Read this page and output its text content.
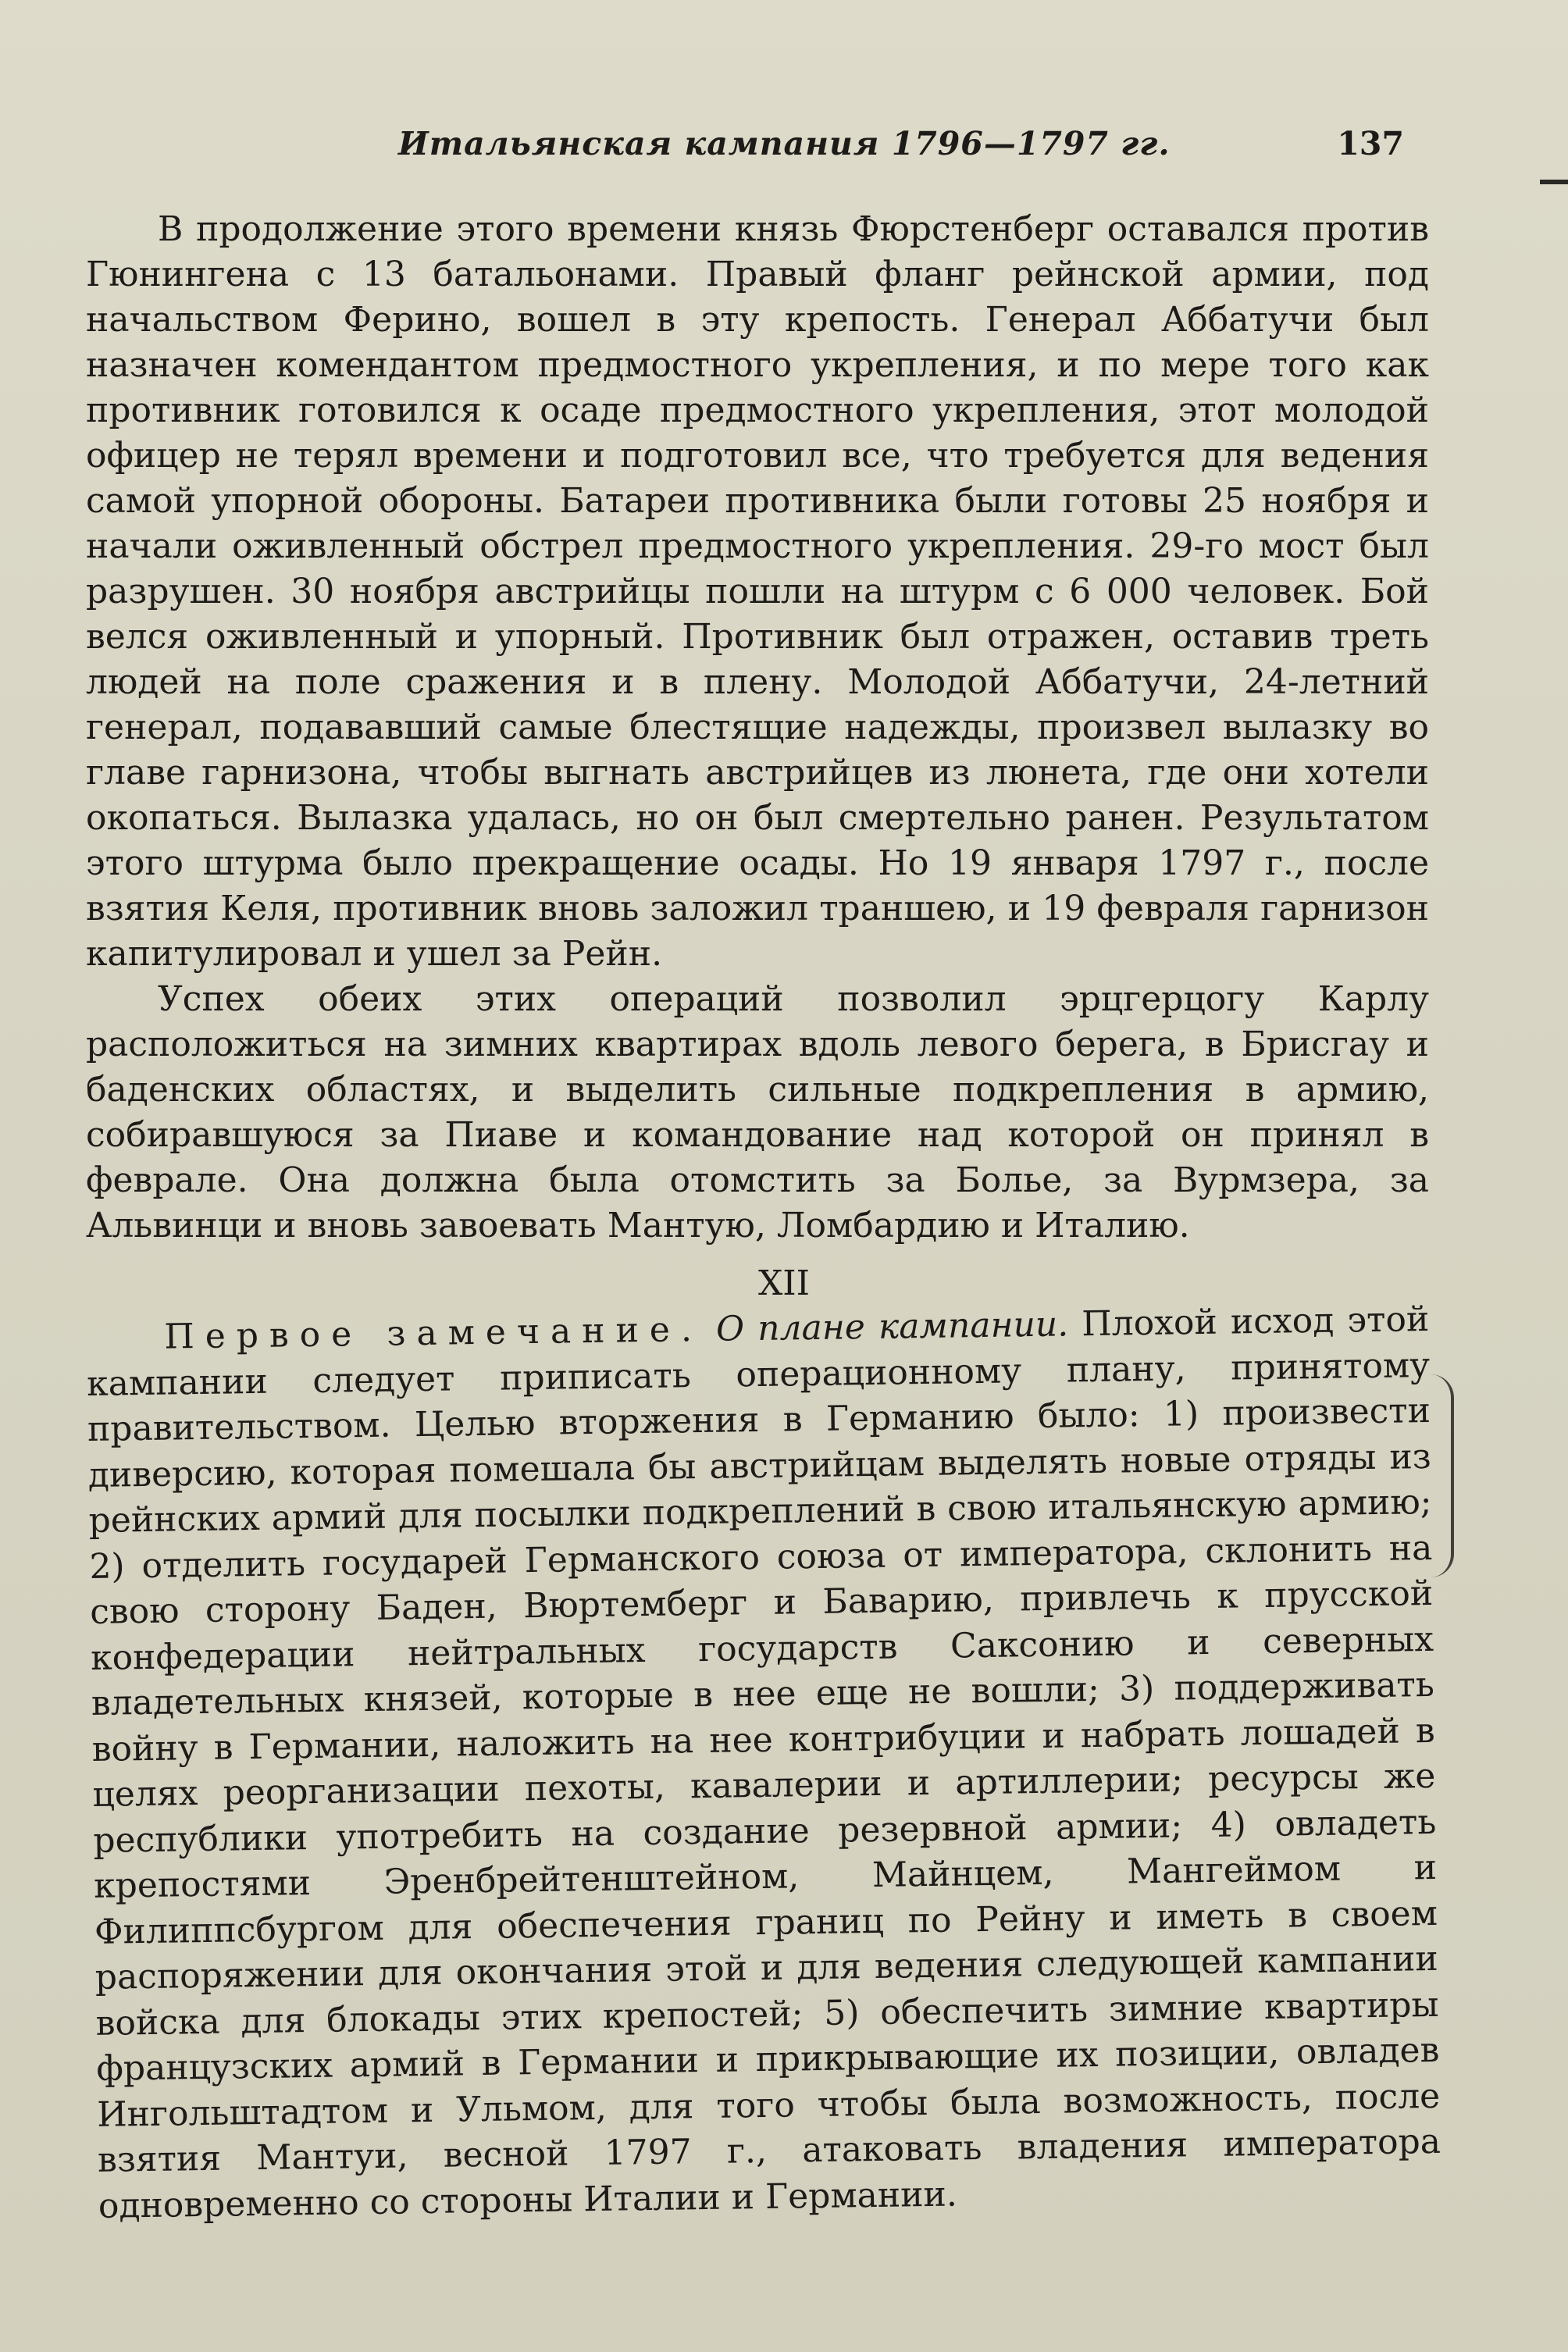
Итальянская кампания 1796—1797 гг.	137

В продолжение этого времени князь Фюрстенберг оставался против Гюнингена с 13 батальонами. Правый фланг рейнской армии, под начальством Ферино, вошел в эту крепость. Генерал Аббатучи был назначен комендантом предмостного укрепления, и по мере того как противник готовился к осаде предмостного укрепления, этот молодой офицер не терял времени и подготовил все, что требуется для ведения самой упорной обороны. Батареи противника были готовы 25 ноября и начали оживленный обстрел предмостного укрепления. 29-го мост был разрушен. 30 ноября австрийцы пошли на штурм с 6 000 человек. Бой велся оживленный и упорный. Противник был отражен, оставив треть людей на поле сражения и в плену. Молодой Аббатучи, 24-летний генерал, подававший самые блестящие надежды, произвел вылазку во главе гарнизона, чтобы выгнать австрийцев из люнета, где они хотели окопаться. Вылазка удалась, но он был смертельно ранен. Результатом этого штурма было прекращение осады. Но 19 января 1797 г., после взятия Келя, противник вновь заложил траншею, и 19 февраля гарнизон капитулировал и ушел за Рейн.

Успех обеих этих операций позволил эрцгерцогу Карлу расположиться на зимних квартирах вдоль левого берега, в Брисгау и баденских областях, и выделить сильные подкрепления в армию, собиравшуюся за Пиаве и командование над которой он принял в феврале. Она должна была отомстить за Болье, за Вурмзера, за Альвинци и вновь завоевать Мантую, Ломбардию и Италию.

XII

Первое замечание. О плане кампании. Плохой исход этой кампании следует приписать операционному плану, принятому правительством. Целью вторжения в Германию было: 1) произвести диверсию, которая помешала бы австрийцам выделять новые отряды из рейнских армий для посылки подкреплений в свою итальянскую армию; 2) отделить государей Германского союза от императора, склонить на свою сторону Баден, Вюртемберг и Баварию, привлечь к прусской конфедерации нейтральных государств Саксонию и северных владетельных князей, которые в нее еще не вошли; 3) поддерживать войну в Германии, наложить на нее контрибуции и набрать лошадей в целях реорганизации пехоты, кавалерии и артиллерии; ресурсы же республики употребить на создание резервной армии; 4) овладеть крепостями Эренбрейтенштейном, Майнцем, Мангеймом и Филиппсбургом для обеспечения границ по Рейну и иметь в своем распоряжении для окончания этой и для ведения следующей кампании войска для блокады этих крепостей; 5) обеспечить зимние квартиры французских армий в Германии и прикрывающие их позиции, овладев Ингольштадтом и Ульмом, для того чтобы была возможность, после взятия Мантуи, весной 1797 г., атаковать владения императора одновременно со стороны Италии и Германии.
